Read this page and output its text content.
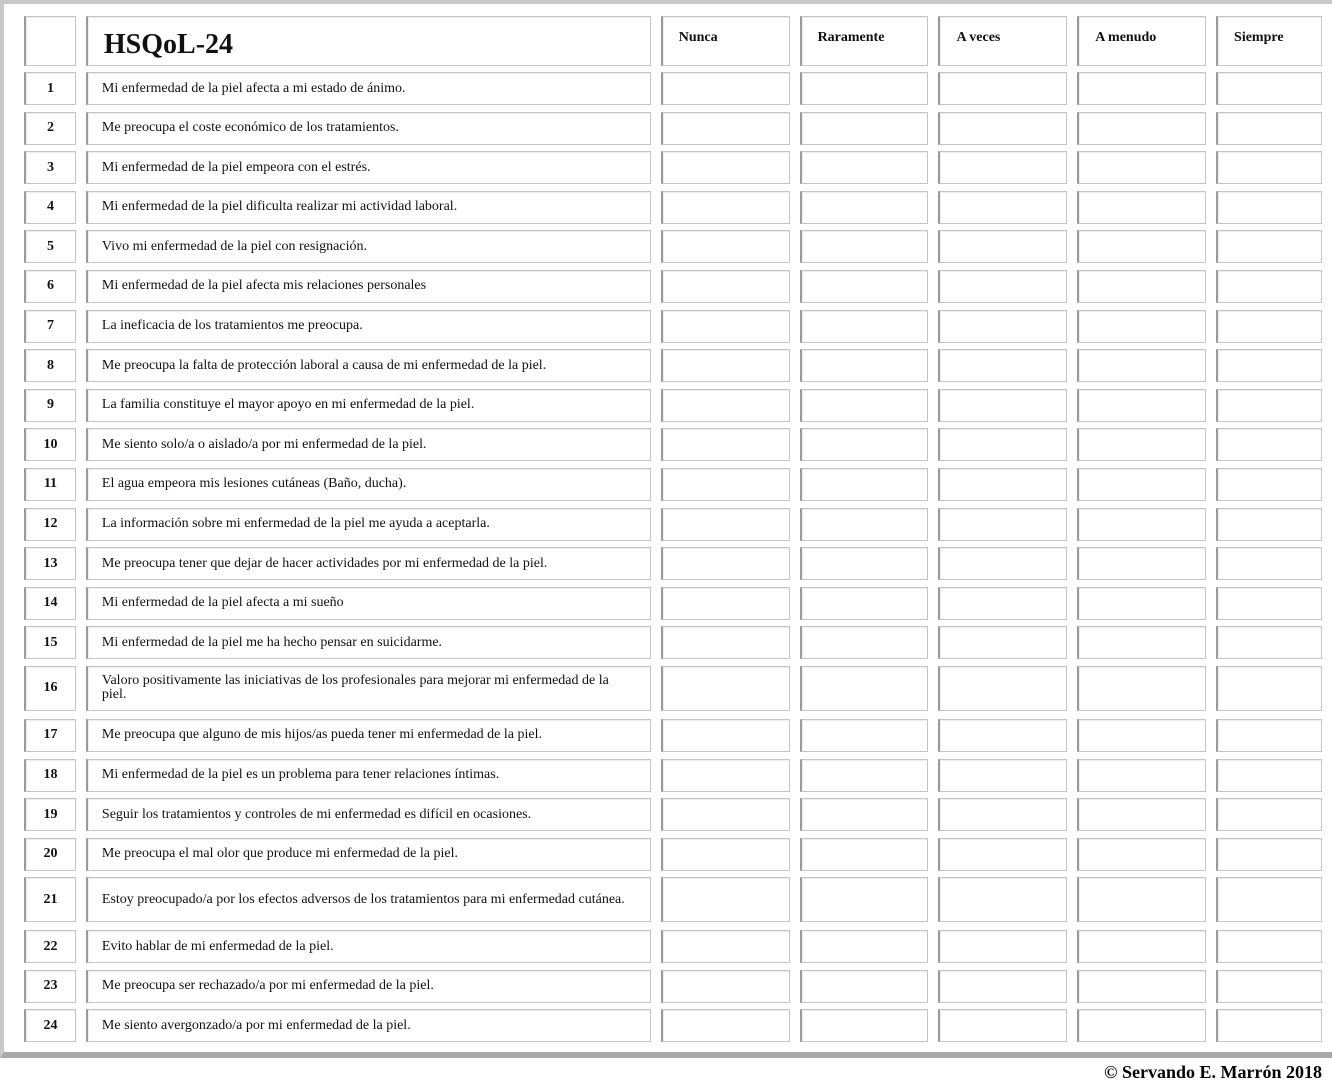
	HSQoL-24	Nunca	Raramente	A veces	A menudo	Siempre

1	Mi enfermedad de la piel afecta a mi estado de ánimo.					

2	Me preocupa el coste económico de los tratamientos.					

3	Mi enfermedad de la piel empeora con el estrés.					

4	Mi enfermedad de la piel dificulta realizar mi actividad laboral.					

5	Vivo mi enfermedad de la piel con resignación.					

6	Mi enfermedad de la piel afecta mis relaciones personales					

7	La ineficacia de los tratamientos me preocupa.					

8	Me preocupa la falta de protección laboral a causa de mi enfermedad de la piel.					

9	La familia constituye el mayor apoyo en mi enfermedad de la piel.					

10	Me siento solo/a o aislado/a por mi enfermedad de la piel.					

11	El agua empeora mis lesiones cutáneas (Baño, ducha).					

12	La información sobre mi enfermedad de la piel me ayuda a aceptarla.					

13	Me preocupa tener que dejar de hacer actividades por mi enfermedad de la piel.					

14	Mi enfermedad de la piel afecta a mi sueño					

15	Mi enfermedad de la piel me ha hecho pensar en suicidarme.					

16	Valoro positivamente las iniciativas de los profesionales para mejorar mi enfermedad de la piel.					

17	Me preocupa que alguno de mis hijos/as pueda tener mi enfermedad de la piel.					

18	Mi enfermedad de la piel es un problema para tener relaciones íntimas.					

19	Seguir los tratamientos y controles de mi enfermedad es difícil en ocasiones.					

20	Me preocupa el mal olor que produce mi enfermedad de la piel.					

21	Estoy preocupado/a por los efectos adversos de los tratamientos para mi enfermedad cutánea.					

22	Evito hablar de mi enfermedad de la piel.					

23	Me preocupa ser rechazado/a por mi enfermedad de la piel.					

24	Me siento avergonzado/a por mi enfermedad de la piel.					

© Servando E. Marrón 2018
